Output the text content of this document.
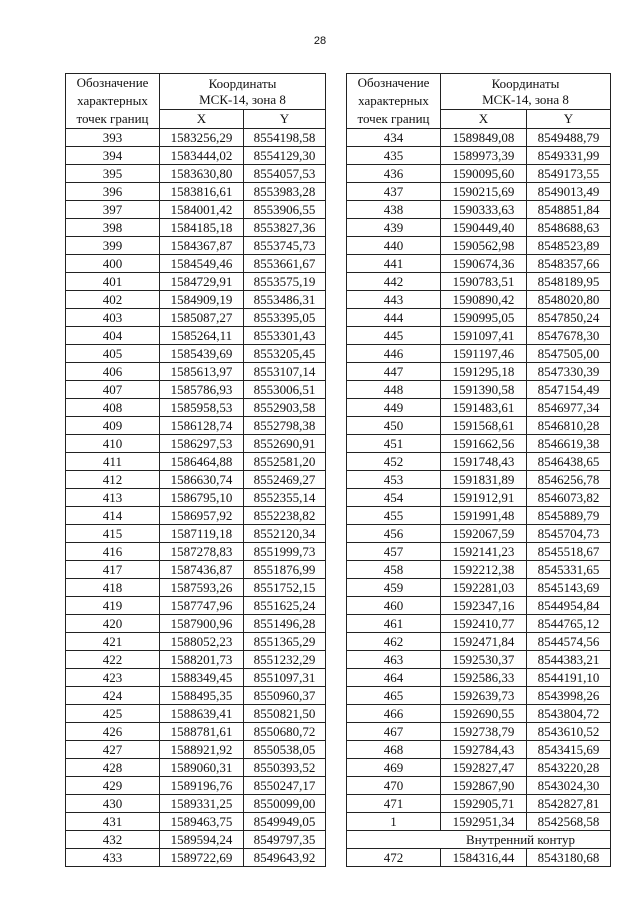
28
Обозначение
характерных
точек границ	Координаты
МСК-14, зона 8	

	X	Y
393	1583256,29	8554198,58
394	1583444,02	8554129,30
395	1583630,80	8554057,53
396	1583816,61	8553983,28
397	1584001,42	8553906,55
398	1584185,18	8553827,36
399	1584367,87	8553745,73
400	1584549,46	8553661,67
401	1584729,91	8553575,19
402	1584909,19	8553486,31
403	1585087,27	8553395,05
404	1585264,11	8553301,43
405	1585439,69	8553205,45
406	1585613,97	8553107,14
407	1585786,93	8553006,51
408	1585958,53	8552903,58
409	1586128,74	8552798,38
410	1586297,53	8552690,91
411	1586464,88	8552581,20
412	1586630,74	8552469,27
413	1586795,10	8552355,14
414	1586957,92	8552238,82
415	1587119,18	8552120,34
416	1587278,83	8551999,73
417	1587436,87	8551876,99
418	1587593,26	8551752,15
419	1587747,96	8551625,24
420	1587900,96	8551496,28
421	1588052,23	8551365,29
422	1588201,73	8551232,29
423	1588349,45	8551097,31
424	1588495,35	8550960,37
425	1588639,41	8550821,50
426	1588781,61	8550680,72
427	1588921,92	8550538,05
428	1589060,31	8550393,52
429	1589196,76	8550247,17
430	1589331,25	8550099,00
431	1589463,75	8549949,05
432	1589594,24	8549797,35
433	1589722,69	8549643,92
Обозначение
характерных
точек границ	Координаты
МСК-14, зона 8	

	X	Y
434	1589849,08	8549488,79
435	1589973,39	8549331,99
436	1590095,60	8549173,55
437	1590215,69	8549013,49
438	1590333,63	8548851,84
439	1590449,40	8548688,63
440	1590562,98	8548523,89
441	1590674,36	8548357,66
442	1590783,51	8548189,95
443	1590890,42	8548020,80
444	1590995,05	8547850,24
445	1591097,41	8547678,30
446	1591197,46	8547505,00
447	1591295,18	8547330,39
448	1591390,58	8547154,49
449	1591483,61	8546977,34
450	1591568,61	8546810,28
451	1591662,56	8546619,38
452	1591748,43	8546438,65
453	1591831,89	8546256,78
454	1591912,91	8546073,82
455	1591991,48	8545889,79
456	1592067,59	8545704,73
457	1592141,23	8545518,67
458	1592212,38	8545331,65
459	1592281,03	8545143,69
460	1592347,16	8544954,84
461	1592410,77	8544765,12
462	1592471,84	8544574,56
463	1592530,37	8544383,21
464	1592586,33	8544191,10
465	1592639,73	8543998,26
466	1592690,55	8543804,72
467	1592738,79	8543610,52
468	1592784,43	8543415,69
469	1592827,47	8543220,28
470	1592867,90	8543024,30
471	1592905,71	8542827,81
1	1592951,34	8542568,58
Внутренний контур		
472	1584316,44	8543180,68
